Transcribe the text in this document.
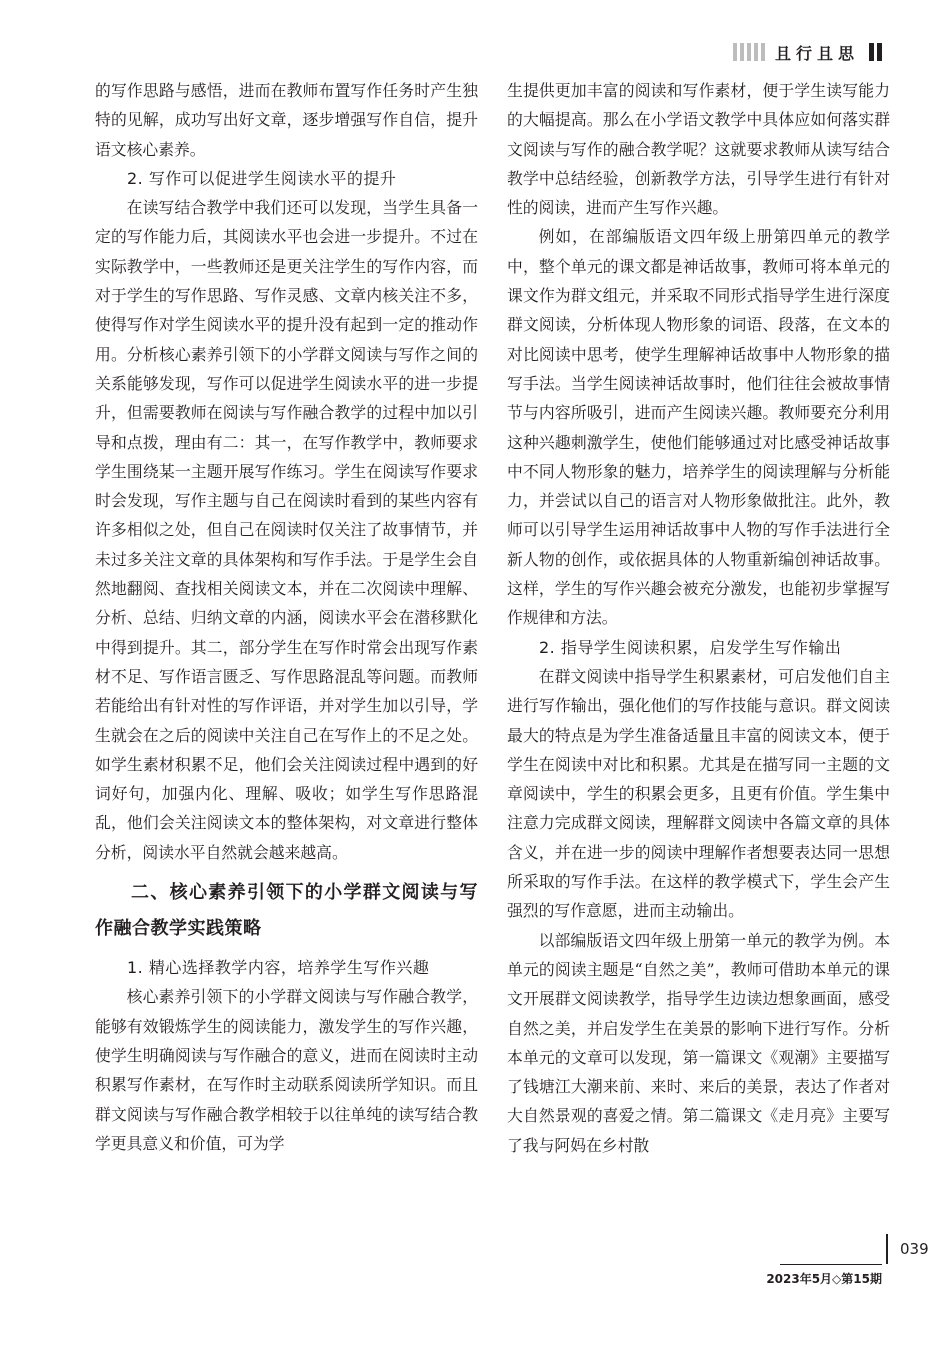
且行且思

的写作思路与感悟，进而在教师布置写作任务时产生独特的见解，成功写出好文章，逐步增强写作自信，提升语文核心素养。

2. 写作可以促进学生阅读水平的提升

在读写结合教学中我们还可以发现，当学生具备一定的写作能力后，其阅读水平也会进一步提升。不过在实际教学中，一些教师还是更关注学生的写作内容，而对于学生的写作思路、写作灵感、文章内核关注不多，使得写作对学生阅读水平的提升没有起到一定的推动作用。分析核心素养引领下的小学群文阅读与写作之间的关系能够发现，写作可以促进学生阅读水平的进一步提升，但需要教师在阅读与写作融合教学的过程中加以引导和点拨，理由有二：其一，在写作教学中，教师要求学生围绕某一主题开展写作练习。学生在阅读写作要求时会发现，写作主题与自己在阅读时看到的某些内容有许多相似之处，但自己在阅读时仅关注了故事情节，并未过多关注文章的具体架构和写作手法。于是学生会自然地翻阅、查找相关阅读文本，并在二次阅读中理解、分析、总结、归纳文章的内涵，阅读水平会在潜移默化中得到提升。其二，部分学生在写作时常会出现写作素材不足、写作语言匮乏、写作思路混乱等问题。而教师若能给出有针对性的写作评语，并对学生加以引导，学生就会在之后的阅读中关注自己在写作上的不足之处。如学生素材积累不足，他们会关注阅读过程中遇到的好词好句，加强内化、理解、吸收；如学生写作思路混乱，他们会关注阅读文本的整体架构，对文章进行整体分析，阅读水平自然就会越来越高。

二、核心素养引领下的小学群文阅读与写作融合教学实践策略
1. 精心选择教学内容，培养学生写作兴趣

核心素养引领下的小学群文阅读与写作融合教学，能够有效锻炼学生的阅读能力，激发学生的写作兴趣，使学生明确阅读与写作融合的意义，进而在阅读时主动积累写作素材，在写作时主动联系阅读所学知识。而且群文阅读与写作融合教学相较于以往单纯的读写结合教学更具意义和价值，可为学

生提供更加丰富的阅读和写作素材，便于学生读写能力的大幅提高。那么在小学语文教学中具体应如何落实群文阅读与写作的融合教学呢？这就要求教师从读写结合教学中总结经验，创新教学方法，引导学生进行有针对性的阅读，进而产生写作兴趣。

例如，在部编版语文四年级上册第四单元的教学中，整个单元的课文都是神话故事，教师可将本单元的课文作为群文组元，并采取不同形式指导学生进行深度群文阅读，分析体现人物形象的词语、段落，在文本的对比阅读中思考，使学生理解神话故事中人物形象的描写手法。当学生阅读神话故事时，他们往往会被故事情节与内容所吸引，进而产生阅读兴趣。教师要充分利用这种兴趣刺激学生，使他们能够通过对比感受神话故事中不同人物形象的魅力，培养学生的阅读理解与分析能力，并尝试以自己的语言对人物形象做批注。此外，教师可以引导学生运用神话故事中人物的写作手法进行全新人物的创作，或依据具体的人物重新编创神话故事。这样，学生的写作兴趣会被充分激发，也能初步掌握写作规律和方法。

2. 指导学生阅读积累，启发学生写作输出

在群文阅读中指导学生积累素材，可启发他们自主进行写作输出，强化他们的写作技能与意识。群文阅读最大的特点是为学生准备适量且丰富的阅读文本，便于学生在阅读中对比和积累。尤其是在描写同一主题的文章阅读中，学生的积累会更多，且更有价值。学生集中注意力完成群文阅读，理解群文阅读中各篇文章的具体含义，并在进一步的阅读中理解作者想要表达同一思想所采取的写作手法。在这样的教学模式下，学生会产生强烈的写作意愿，进而主动输出。

以部编版语文四年级上册第一单元的教学为例。本单元的阅读主题是“自然之美”，教师可借助本单元的课文开展群文阅读教学，指导学生边读边想象画面，感受自然之美，并启发学生在美景的影响下进行写作。分析本单元的文章可以发现，第一篇课文《观潮》主要描写了钱塘江大潮来前、来时、来后的美景，表达了作者对大自然景观的喜爱之情。第二篇课文《走月亮》主要写了我与阿妈在乡村散

039
2023年5月◇第15期
